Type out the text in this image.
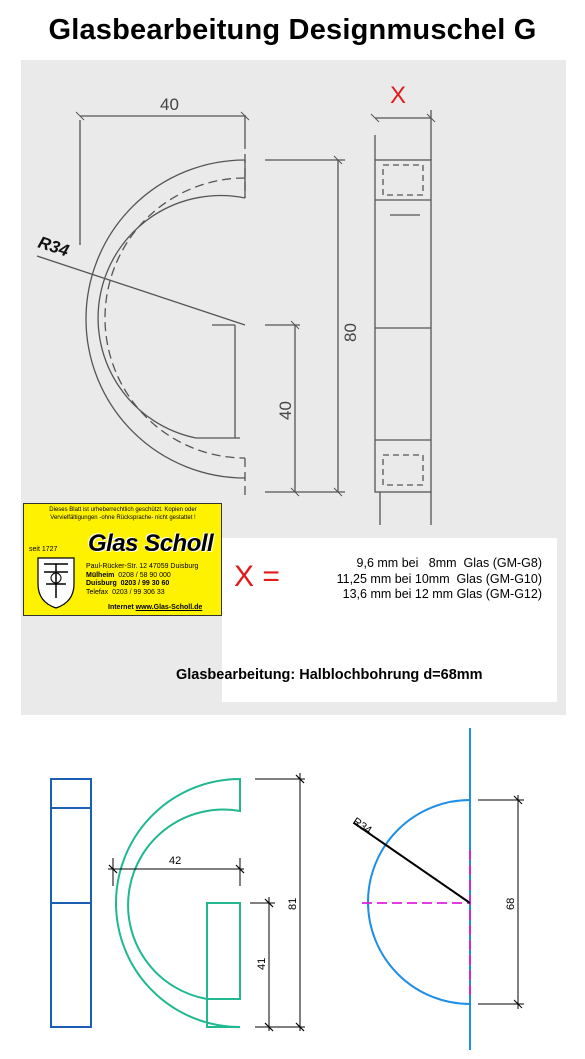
Glasbearbeitung Designmuschel G
40
80
40
R34
X
Dieses Blatt ist urheberrechtlich geschützt. Kopien oder
Vervielfältigungen -ohne Rücksprache- nicht gestattet !
seit 1727 Glas Scholl
Paul-Rücker-Str. 12 47059 Duisburg
Mülheim 0208 / 58 90 000
Duisburg 0203 / 99 30 60
Telefax 0203 / 99 306 33
Internet www.Glas-Scholl.de
X =	9,6 mm bei   8mm  Glas (GM-G8)
11,25 mm bei 10mm  Glas (GM-G10)
13,6 mm bei 12 mm Glas (GM-G12)
Glasbearbeitung: Halblochbohrung d=68mm
42
81
41
R34
68
